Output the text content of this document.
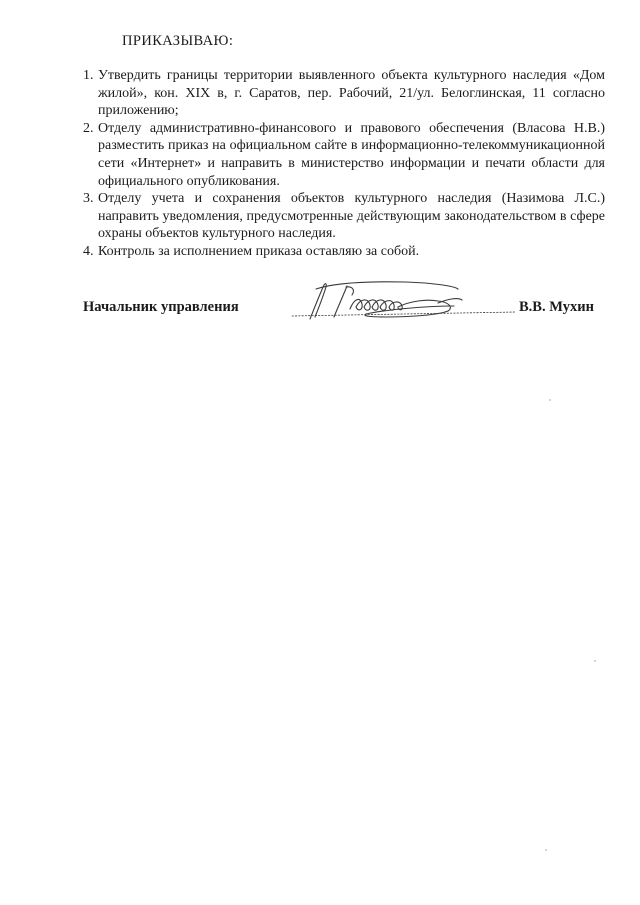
ПРИКАЗЫВАЮ:
1. Утвердить границы территории выявленного объекта культурного наследия «Дом жилой», кон. XIX в, г. Саратов, пер. Рабочий, 21/ул. Белоглинская, 11 согласно приложению;
2. Отделу административно-финансового и правового обеспечения (Власова Н.В.) разместить приказ на официальном сайте в информационно-телекоммуникационной сети «Интернет» и направить в министерство информации и печати области для официального опубликования.
3. Отделу учета и сохранения объектов культурного наследия (Назимова Л.С.) направить уведомления, предусмотренные действующим законодательством в сфере охраны объектов культурного наследия.
4. Контроль за исполнением приказа оставляю за собой.
Начальник управления	В.В. Мухин
